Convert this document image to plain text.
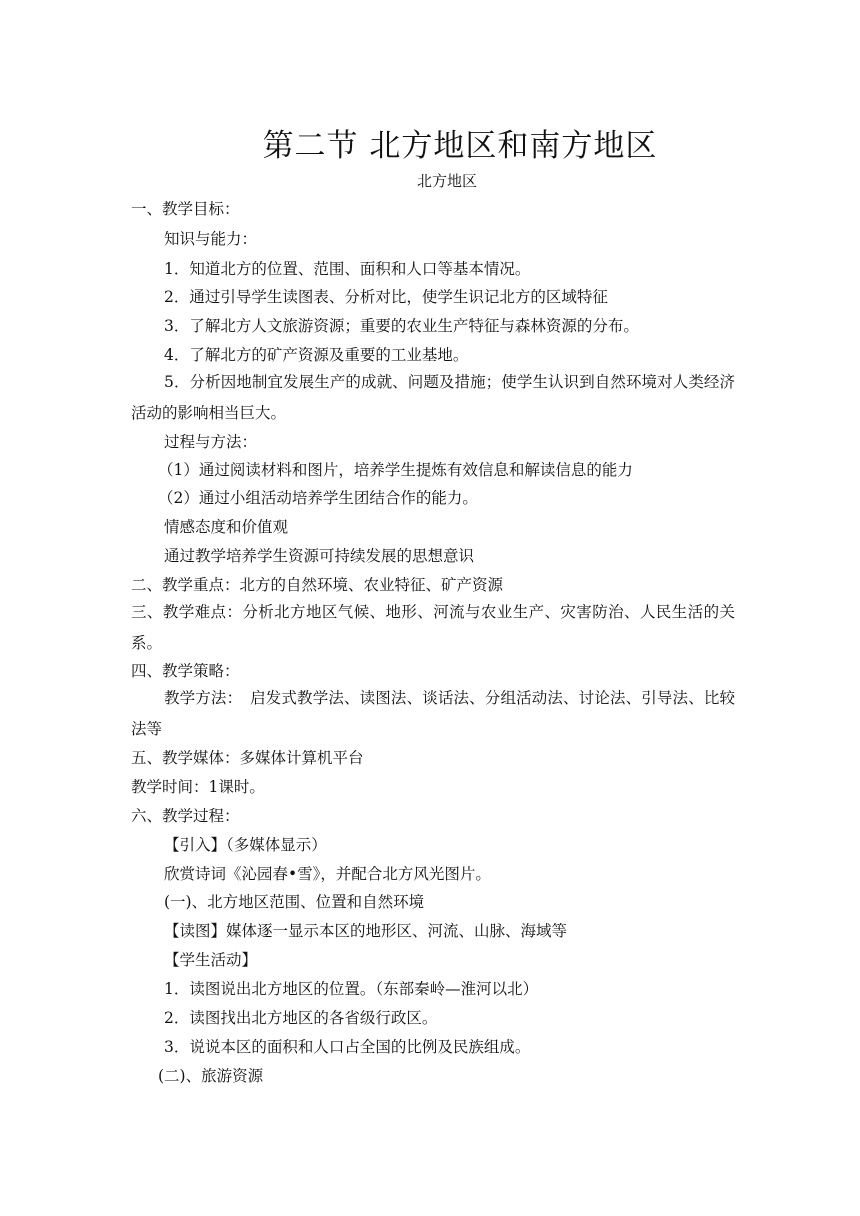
第二节 北方地区和南方地区
北方地区
一、教学目标：
知识与能力：
1．知道北方的位置、范围、面积和人口等基本情况。
2．通过引导学生读图表、分析对比，使学生识记北方的区域特征
3．了解北方人文旅游资源；重要的农业生产特征与森林资源的分布。
4．了解北方的矿产资源及重要的工业基地。
5．分析因地制宜发展生产的成就、问题及措施；使学生认识到自然环境对人类经济活动的影响相当巨大。
过程与方法：
（1）通过阅读材料和图片，培养学生提炼有效信息和解读信息的能力
（2）通过小组活动培养学生团结合作的能力。
情感态度和价值观
通过教学培养学生资源可持续发展的思想意识
二、教学重点：北方的自然环境、农业特征、矿产资源
三、教学难点：分析北方地区气候、地形、河流与农业生产、灾害防治、人民生活的关系。
四、教学策略：
教学方法：　启发式教学法、读图法、谈话法、分组活动法、讨论法、引导法、比较法等
五、教学媒体：多媒体计算机平台
教学时间：1课时。
六、教学过程：
【引入】（多媒体显示）
欣赏诗词《沁园春•雪》，并配合北方风光图片。
(一)、北方地区范围、位置和自然环境
【读图】媒体逐一显示本区的地形区、河流、山脉、海域等
【学生活动】
1．读图说出北方地区的位置。（东部秦岭—淮河以北）
2．读图找出北方地区的各省级行政区。
3．说说本区的面积和人口占全国的比例及民族组成。
(二)、旅游资源
